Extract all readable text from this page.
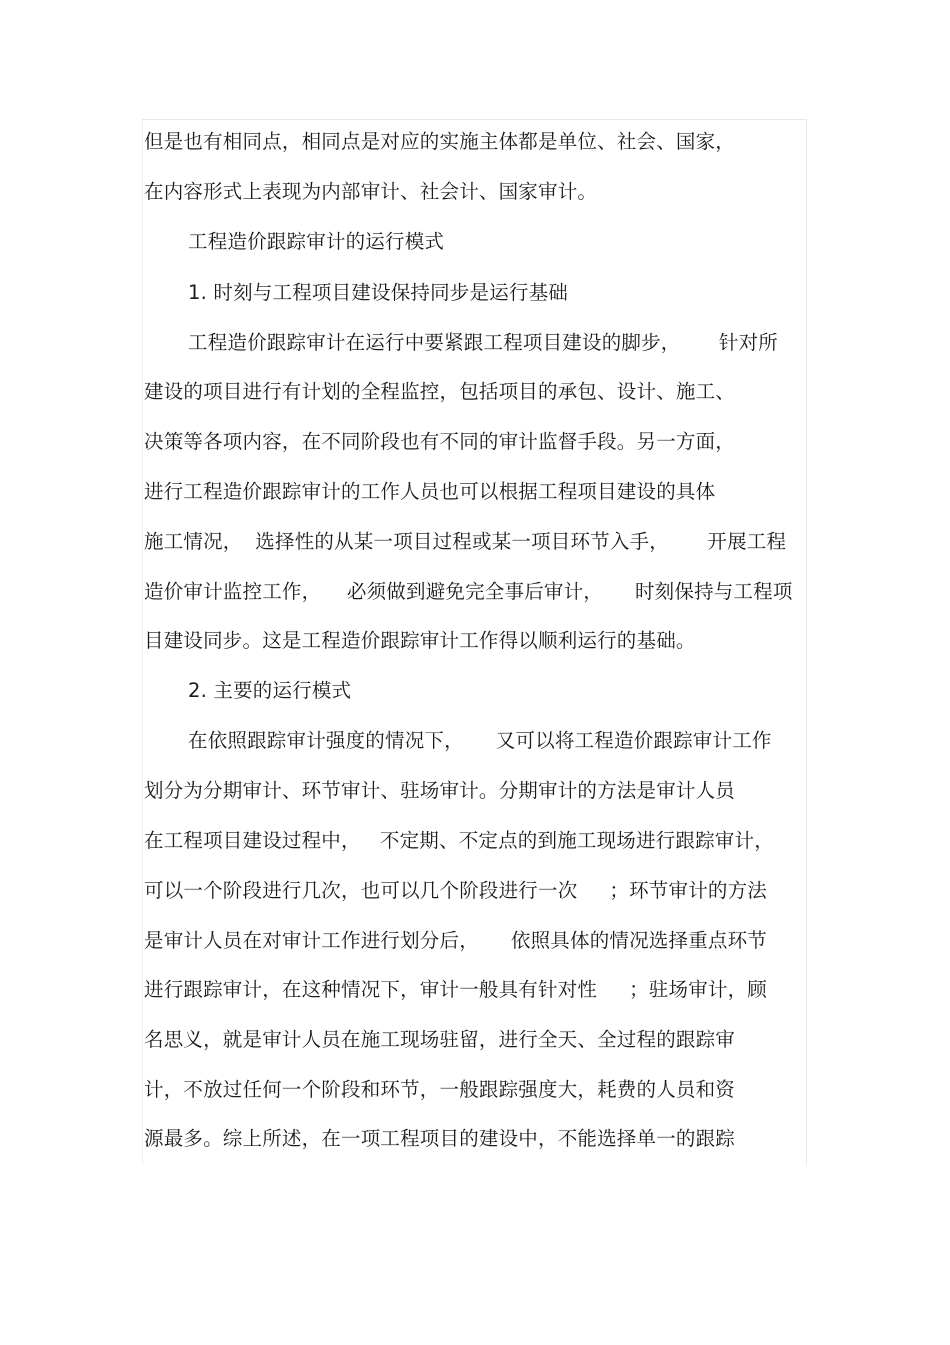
但是也有相同点，相同点是对应的实施主体都是单位、社会、国家，

在内容形式上表现为内部审计、社会计、国家审计。

工程造价跟踪审计的运行模式

1. 时刻与工程项目建设保持同步是运行基础

工程造价跟踪审计在运行中要紧跟工程项目建设的脚步，      针对所

建设的项目进行有计划的全程监控，包括项目的承包、设计、施工、

决策等各项内容，在不同阶段也有不同的审计监督手段。另一方面，

进行工程造价跟踪审计的工作人员也可以根据工程项目建设的具体

施工情况，  选择性的从某一项目过程或某一项目环节入手，      开展工程

造价审计监控工作，    必须做到避免完全事后审计，     时刻保持与工程项

目建设同步。这是工程造价跟踪审计工作得以顺利运行的基础。

2. 主要的运行模式

在依照跟踪审计强度的情况下，     又可以将工程造价跟踪审计工作

划分为分期审计、环节审计、驻场审计。分期审计的方法是审计人员

在工程项目建设过程中，   不定期、不定点的到施工现场进行跟踪审计，

可以一个阶段进行几次，也可以几个阶段进行一次     ；环节审计的方法

是审计人员在对审计工作进行划分后，     依照具体的情况选择重点环节

进行跟踪审计，在这种情况下，审计一般具有针对性     ；驻场审计，顾

名思义，就是审计人员在施工现场驻留，进行全天、全过程的跟踪审

计，不放过任何一个阶段和环节，一般跟踪强度大，耗费的人员和资

源最多。综上所述，在一项工程项目的建设中，不能选择单一的跟踪
